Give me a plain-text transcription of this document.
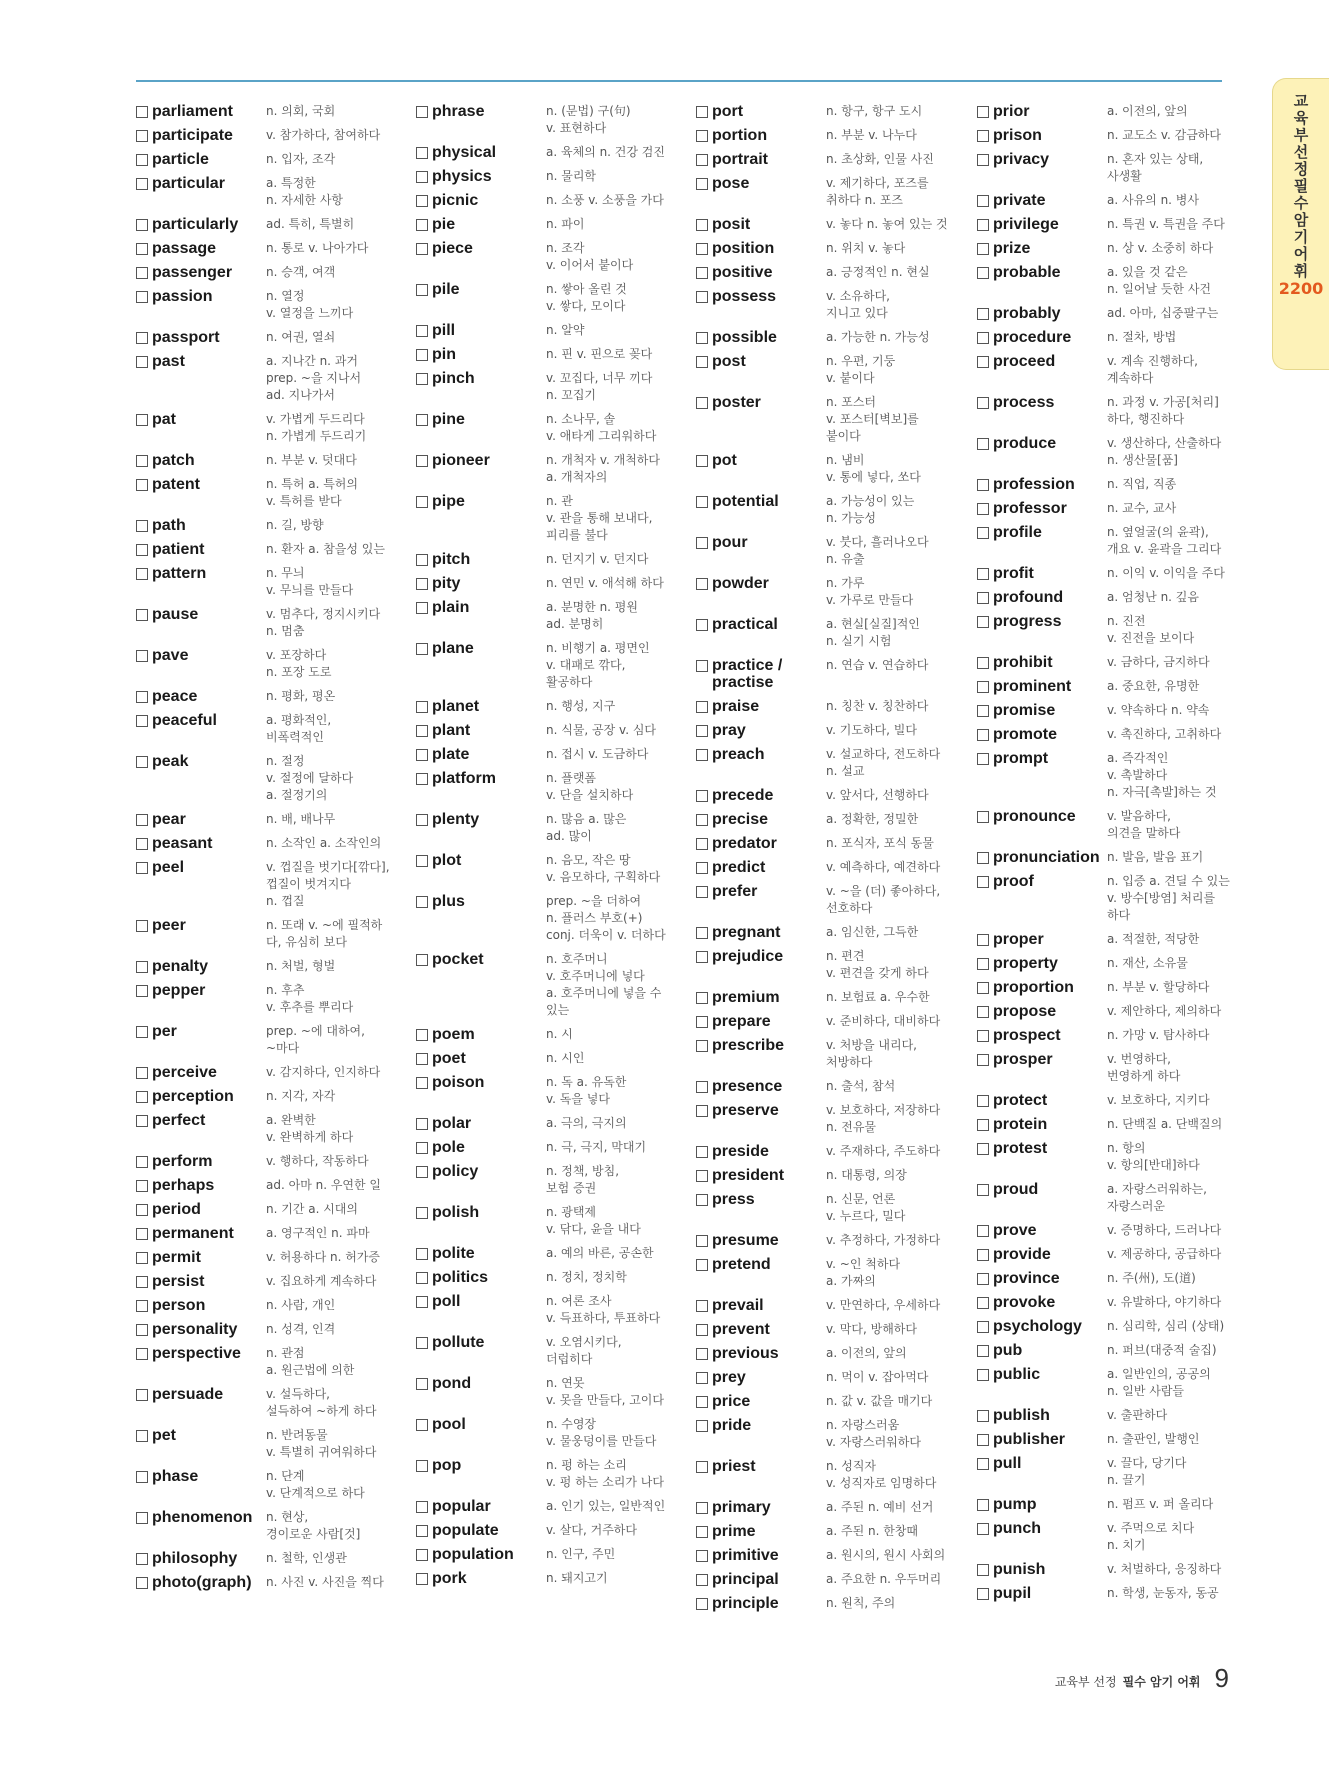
교
육
부
선
정
필
수
암
기
어
휘
2200
parliament	n. 의회, 국회
participate	v. 참가하다, 참여하다
particle	n. 입자, 조각
particular	a. 특정한
n. 자세한 사항
particularly	ad. 특히, 특별히
passage	n. 통로 v. 나아가다
passenger	n. 승객, 여객
passion	n. 열정
v. 열정을 느끼다
passport	n. 여권, 열쇠
past	a. 지나간 n. 과거
prep. ~을 지나서
ad. 지나가서
pat	v. 가볍게 두드리다
n. 가볍게 두드리기
patch	n. 부분 v. 덧대다
patent	n. 특허 a. 특허의
v. 특허를 받다
path	n. 길, 방향
patient	n. 환자 a. 참을성 있는
pattern	n. 무늬
v. 무늬를 만들다
pause	v. 멈추다, 정지시키다
n. 멈춤
pave	v. 포장하다
n. 포장 도로
peace	n. 평화, 평온
peaceful	a. 평화적인,
비폭력적인
peak	n. 절정
v. 절정에 달하다
a. 절정기의
pear	n. 배, 배나무
peasant	n. 소작인 a. 소작인의
peel	v. 껍질을 벗기다[깎다],
껍질이 벗겨지다
n. 껍질
peer	n. 또래 v. ~에 필적하
다, 유심히 보다
penalty	n. 처벌, 형벌
pepper	n. 후추
v. 후추를 뿌리다
per	prep. ~에 대하여,
~마다
perceive	v. 감지하다, 인지하다
perception	n. 지각, 자각
perfect	a. 완벽한
v. 완벽하게 하다
perform	v. 행하다, 작동하다
perhaps	ad. 아마 n. 우연한 일
period	n. 기간 a. 시대의
permanent	a. 영구적인 n. 파마
permit	v. 허용하다 n. 허가증
persist	v. 집요하게 계속하다
person	n. 사람, 개인
personality	n. 성격, 인격
perspective	n. 관점
a. 원근법에 의한
persuade	v. 설득하다,
설득하여 ~하게 하다
pet	n. 반려동물
v. 특별히 귀여워하다
phase	n. 단계
v. 단계적으로 하다
phenomenon	n. 현상,
경이로운 사람[것]
philosophy	n. 철학, 인생관
photo(graph)	n. 사진 v. 사진을 찍다
phrase	n. (문법) 구(句)
v. 표현하다
physical	a. 육체의 n. 건강 검진
physics	n. 물리학
picnic	n. 소풍 v. 소풍을 가다
pie	n. 파이
piece	n. 조각
v. 이어서 붙이다
pile	n. 쌓아 올린 것
v. 쌓다, 모이다
pill	n. 알약
pin	n. 핀 v. 핀으로 꽂다
pinch	v. 꼬집다, 너무 끼다
n. 꼬집기
pine	n. 소나무, 솔
v. 애타게 그리워하다
pioneer	n. 개척자 v. 개척하다
a. 개척자의
pipe	n. 관
v. 관을 통해 보내다,
피리를 불다
pitch	n. 던지기 v. 던지다
pity	n. 연민 v. 애석해 하다
plain	a. 분명한 n. 평원
ad. 분명히
plane	n. 비행기 a. 평면인
v. 대패로 깎다,
활공하다
planet	n. 행성, 지구
plant	n. 식물, 공장 v. 심다
plate	n. 접시 v. 도금하다
platform	n. 플랫폼
v. 단을 설치하다
plenty	n. 많음 a. 많은
ad. 많이
plot	n. 음모, 작은 땅
v. 음모하다, 구획하다
plus	prep. ~을 더하여
n. 플러스 부호(+)
conj. 더욱이 v. 더하다
pocket	n. 호주머니
v. 호주머니에 넣다
a. 호주머니에 넣을 수
있는
poem	n. 시
poet	n. 시인
poison	n. 독 a. 유독한
v. 독을 넣다
polar	a. 극의, 극지의
pole	n. 극, 극지, 막대기
policy	n. 정책, 방침,
보험 증권
polish	n. 광택제
v. 닦다, 윤을 내다
polite	a. 예의 바른, 공손한
politics	n. 정치, 정치학
poll	n. 여론 조사
v. 득표하다, 투표하다
pollute	v. 오염시키다,
더럽히다
pond	n. 연못
v. 못을 만들다, 고이다
pool	n. 수영장
v. 물웅덩이를 만들다
pop	n. 펑 하는 소리
v. 펑 하는 소리가 나다
popular	a. 인기 있는, 일반적인
populate	v. 살다, 거주하다
population	n. 인구, 주민
pork	n. 돼지고기
port	n. 항구, 항구 도시
portion	n. 부분 v. 나누다
portrait	n. 초상화, 인물 사진
pose	v. 제기하다, 포즈를
취하다 n. 포즈
posit	v. 놓다 n. 놓여 있는 것
position	n. 위치 v. 놓다
positive	a. 긍정적인 n. 현실
possess	v. 소유하다,
지니고 있다
possible	a. 가능한 n. 가능성
post	n. 우편, 기둥
v. 붙이다
poster	n. 포스터
v. 포스터[벽보]를
붙이다
pot	n. 냄비
v. 통에 넣다, 쏘다
potential	a. 가능성이 있는
n. 가능성
pour	v. 붓다, 흘러나오다
n. 유출
powder	n. 가루
v. 가루로 만들다
practical	a. 현실[실질]적인
n. 실기 시험
practice /
practise
n. 연습 v. 연습하다
praise	n. 칭찬 v. 칭찬하다
pray	v. 기도하다, 빌다
preach	v. 설교하다, 전도하다
n. 설교
precede	v. 앞서다, 선행하다
precise	a. 정확한, 정밀한
predator	n. 포식자, 포식 동물
predict	v. 예측하다, 예견하다
prefer	v. ~을 (더) 좋아하다,
선호하다
pregnant	a. 임신한, 그득한
prejudice	n. 편견
v. 편견을 갖게 하다
premium	n. 보험료 a. 우수한
prepare	v. 준비하다, 대비하다
prescribe	v. 처방을 내리다,
처방하다
presence	n. 출석, 참석
preserve	v. 보호하다, 저장하다
n. 전유물
preside	v. 주재하다, 주도하다
president	n. 대통령, 의장
press	n. 신문, 언론
v. 누르다, 밀다
presume	v. 추정하다, 가정하다
pretend	v. ~인 척하다
a. 가짜의
prevail	v. 만연하다, 우세하다
prevent	v. 막다, 방해하다
previous	a. 이전의, 앞의
prey	n. 먹이 v. 잡아먹다
price	n. 값 v. 값을 매기다
pride	n. 자랑스러움
v. 자랑스러워하다
priest	n. 성직자
v. 성직자로 임명하다
primary	a. 주된 n. 예비 선거
prime	a. 주된 n. 한창때
primitive	a. 원시의, 원시 사회의
principal	a. 주요한 n. 우두머리
principle	n. 원칙, 주의
prior	a. 이전의, 앞의
prison	n. 교도소 v. 감금하다
privacy	n. 혼자 있는 상태,
사생활
private	a. 사유의 n. 병사
privilege	n. 특권 v. 특권을 주다
prize	n. 상 v. 소중히 하다
probable	a. 있을 것 같은
n. 일어날 듯한 사건
probably	ad. 아마, 십중팔구는
procedure	n. 절차, 방법
proceed	v. 계속 진행하다,
계속하다
process	n. 과정 v. 가공[처리]
하다, 행진하다
produce	v. 생산하다, 산출하다
n. 생산물[품]
profession	n. 직업, 직종
professor	n. 교수, 교사
profile	n. 옆얼굴(의 윤곽),
개요 v. 윤곽을 그리다
profit	n. 이익 v. 이익을 주다
profound	a. 엄청난 n. 깊음
progress	n. 진전
v. 진전을 보이다
prohibit	v. 금하다, 금지하다
prominent	a. 중요한, 유명한
promise	v. 약속하다 n. 약속
promote	v. 촉진하다, 고취하다
prompt	a. 즉각적인
v. 촉발하다
n. 자극[촉발]하는 것
pronounce	v. 발음하다,
의견을 말하다
pronunciation n. 발음, 발음 표기
proof	n. 입증 a. 견딜 수 있는
v. 방수[방염] 처리를
하다
proper	a. 적절한, 적당한
property	n. 재산, 소유물
proportion	n. 부분 v. 할당하다
propose	v. 제안하다, 제의하다
prospect	n. 가망 v. 탐사하다
prosper	v. 번영하다,
번영하게 하다
protect	v. 보호하다, 지키다
protein	n. 단백질 a. 단백질의
protest	n. 항의
v. 항의[반대]하다
proud	a. 자랑스러워하는,
자랑스러운
prove	v. 증명하다, 드러나다
provide	v. 제공하다, 공급하다
province	n. 주(州), 도(道)
provoke	v. 유발하다, 야기하다
psychology	n. 심리학, 심리 (상태)
pub	n. 퍼브(대중적 술집)
public	a. 일반인의, 공공의
n. 일반 사람들
publish	v. 출판하다
publisher	n. 출판인, 발행인
pull	v. 끌다, 당기다
n. 끌기
pump	n. 펌프 v. 퍼 올리다
punch	v. 주먹으로 치다
n. 치기
punish	v. 처벌하다, 응징하다
pupil	n. 학생, 눈동자, 동공
교육부 선정 필수 암기 어휘 9
